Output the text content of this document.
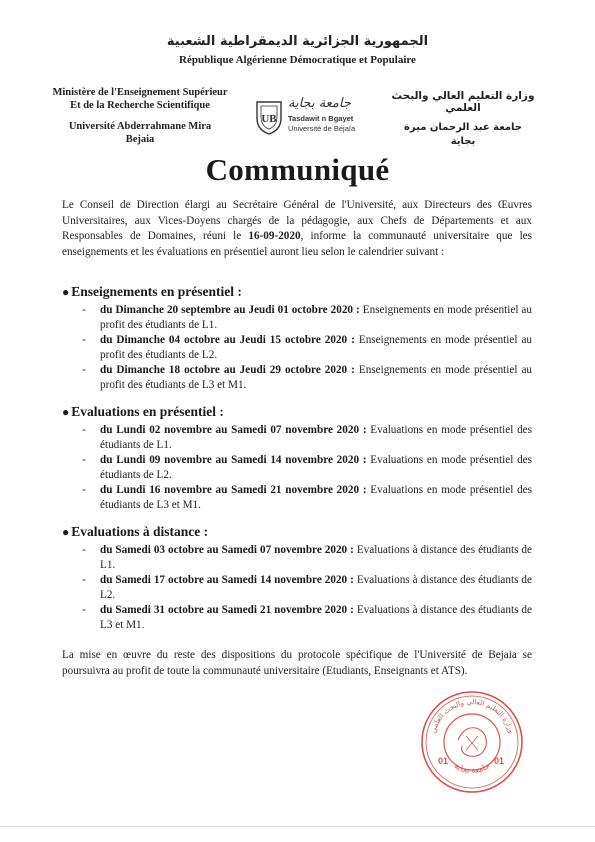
الجمهورية الجزائرية الديمقراطية الشعبية
République Algérienne Démocratique et Populaire
Ministère de l'Enseignement Supérieur
Et de la Recherche Scientifique
Université Abderrahmane Mira
Bejaia
وزارة التعليم العالي والبحث العلمي
جامعة عبد الرحمان ميرة
بجاية
UB
جامعة بجاية
Tasdawit n Bgayet
Université de Béjaïa
Communiqué
Le Conseil de Direction élargi au Secrétaire Général de l'Université, aux Directeurs des Œuvres Universitaires, aux Vices-Doyens chargés de la pédagogie, aux Chefs de Départements et aux Responsables de Domaines, réuni le 16-09-2020, informe la communauté universitaire que les enseignements et les évaluations en présentiel auront lieu selon le calendrier suivant :
● Enseignements en présentiel :
- du Dimanche 20 septembre au Jeudi 01 octobre 2020 : Enseignements en mode présentiel au profit des étudiants de L1.
- du Dimanche 04 octobre au Jeudi 15 octobre 2020 : Enseignements en mode présentiel au profit des étudiants de L2.
- du Dimanche 18 octobre au Jeudi 29 octobre 2020 : Enseignements en mode présentiel au profit des étudiants de L3 et M1.
● Evaluations en présentiel :
- du Lundi 02 novembre au Samedi 07 novembre 2020 : Evaluations en mode présentiel des étudiants de L1.
- du Lundi 09 novembre au Samedi 14 novembre 2020 : Evaluations en mode présentiel des étudiants de L2.
- du Lundi 16 novembre au Samedi 21 novembre 2020 : Evaluations en mode présentiel des étudiants de L3 et M1.
● Evaluations à distance :
- du Samedi 03 octobre au Samedi 07 novembre 2020 : Evaluations à distance des étudiants de L1.
- du Samedi 17 octobre au Samedi 14 novembre 2020 : Evaluations à distance des étudiants de L2.
- du Samedi 31 octobre au Samedi 21 novembre 2020 : Evaluations à distance des étudiants de L3 et M1.
La mise en œuvre du reste des dispositions du protocole spécifique de l'Université de Bejaia se poursuivra au profit de toute la communauté universitaire (Etudiants, Enseignants et ATS).
وزارة التعليم العالي والبحث العلمي
جامعة بجاية
01	01
